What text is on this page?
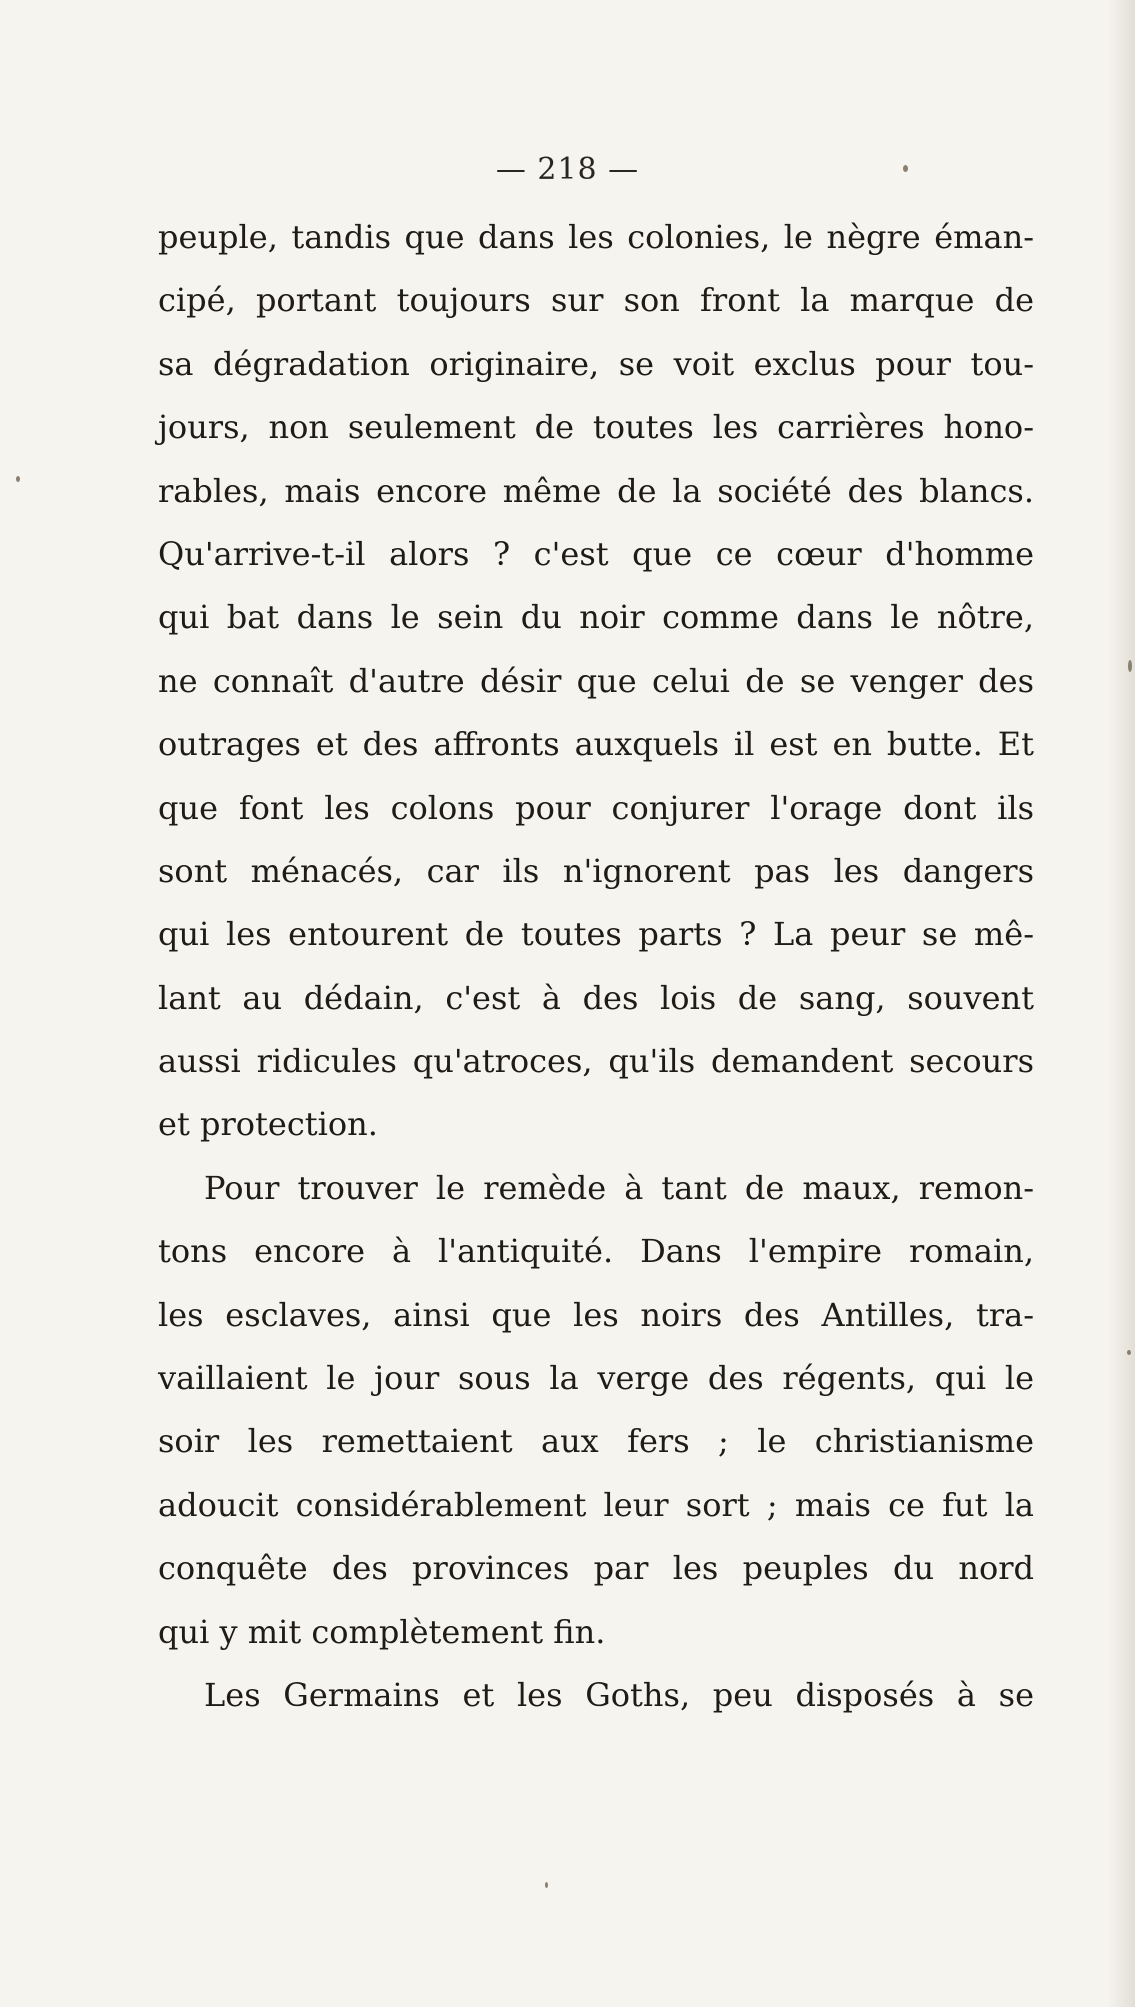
— 218 —
peuple, tandis que dans les colonies, le nègre éman-
cipé, portant toujours sur son front la marque de
sa dégradation originaire, se voit exclus pour tou-
jours, non seulement de toutes les carrières hono-
rables, mais encore même de la société des blancs.
Qu'arrive-t-il alors ? c'est que ce cœur d'homme
qui bat dans le sein du noir comme dans le nôtre,
ne connaît d'autre désir que celui de se venger des
outrages et des affronts auxquels il est en butte. Et
que font les colons pour conjurer l'orage dont ils
sont ménacés, car ils n'ignorent pas les dangers
qui les entourent de toutes parts ? La peur se mê-
lant au dédain, c'est à des lois de sang, souvent
aussi ridicules qu'atroces, qu'ils demandent secours
et protection.
Pour trouver le remède à tant de maux, remon-
tons encore à l'antiquité. Dans l'empire romain,
les esclaves, ainsi que les noirs des Antilles, tra-
vaillaient le jour sous la verge des régents, qui le
soir les remettaient aux fers ; le christianisme
adoucit considérablement leur sort ; mais ce fut la
conquête des provinces par les peuples du nord
qui y mit complètement fin.
Les Germains et les Goths, peu disposés à se
